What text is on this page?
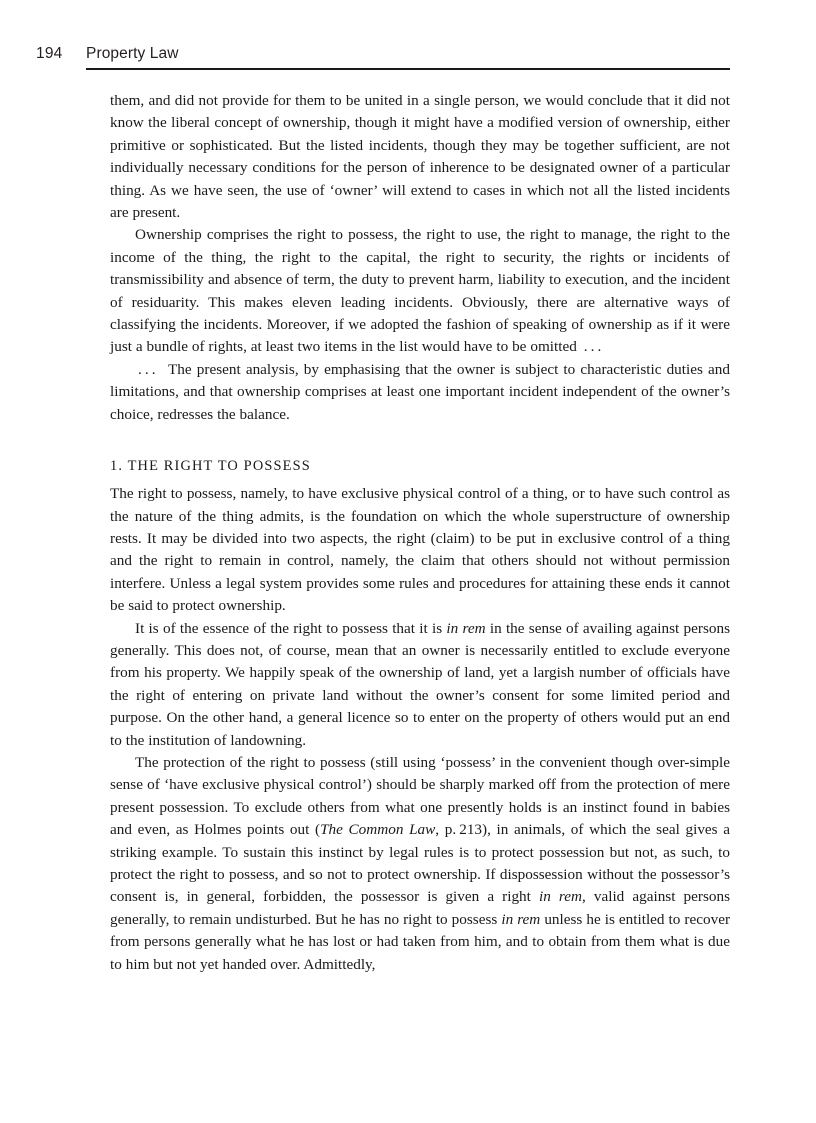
194 Property Law

them, and did not provide for them to be united in a single person, we would conclude that it did not know the liberal concept of ownership, though it might have a modified version of ownership, either primitive or sophisticated. But the listed incidents, though they may be together sufficient, are not individually necessary conditions for the person of inherence to be designated owner of a particular thing. As we have seen, the use of ‘owner’ will extend to cases in which not all the listed incidents are present.

Ownership comprises the right to possess, the right to use, the right to manage, the right to the income of the thing, the right to the capital, the right to security, the rights or incidents of transmissibility and absence of term, the duty to prevent harm, liability to execution, and the incident of residuarity. This makes eleven leading incidents. Obviously, there are alternative ways of classifying the incidents. Moreover, if we adopted the fashion of speaking of ownership as if it were just a bundle of rights, at least two items in the list would have to be omitted  . . .

 . . .  The present analysis, by emphasising that the owner is subject to characteristic duties and limitations, and that ownership comprises at least one important incident independent of the owner’s choice, redresses the balance.

1. THE RIGHT TO POSSESS

The right to possess, namely, to have exclusive physical control of a thing, or to have such control as the nature of the thing admits, is the foundation on which the whole superstructure of ownership rests. It may be divided into two aspects, the right (claim) to be put in exclusive control of a thing and the right to remain in control, namely, the claim that others should not without permission interfere. Unless a legal system provides some rules and procedures for attaining these ends it cannot be said to protect ownership.

It is of the essence of the right to possess that it is in rem in the sense of availing against persons generally. This does not, of course, mean that an owner is necessarily entitled to exclude everyone from his property. We happily speak of the ownership of land, yet a largish number of officials have the right of entering on private land without the owner’s consent for some limited period and purpose. On the other hand, a general licence so to enter on the property of others would put an end to the institution of landowning.

The protection of the right to possess (still using ‘possess’ in the convenient though over-simple sense of ‘have exclusive physical control’) should be sharply marked off from the protection of mere present possession. To exclude others from what one presently holds is an instinct found in babies and even, as Holmes points out (The Common Law, p. 213), in animals, of which the seal gives a striking example. To sustain this instinct by legal rules is to protect possession but not, as such, to protect the right to possess, and so not to protect ownership. If dispossession without the possessor’s consent is, in general, forbidden, the possessor is given a right in rem, valid against persons generally, to remain undisturbed. But he has no right to possess in rem unless he is entitled to recover from persons generally what he has lost or had taken from him, and to obtain from them what is due to him but not yet handed over. Admittedly,
